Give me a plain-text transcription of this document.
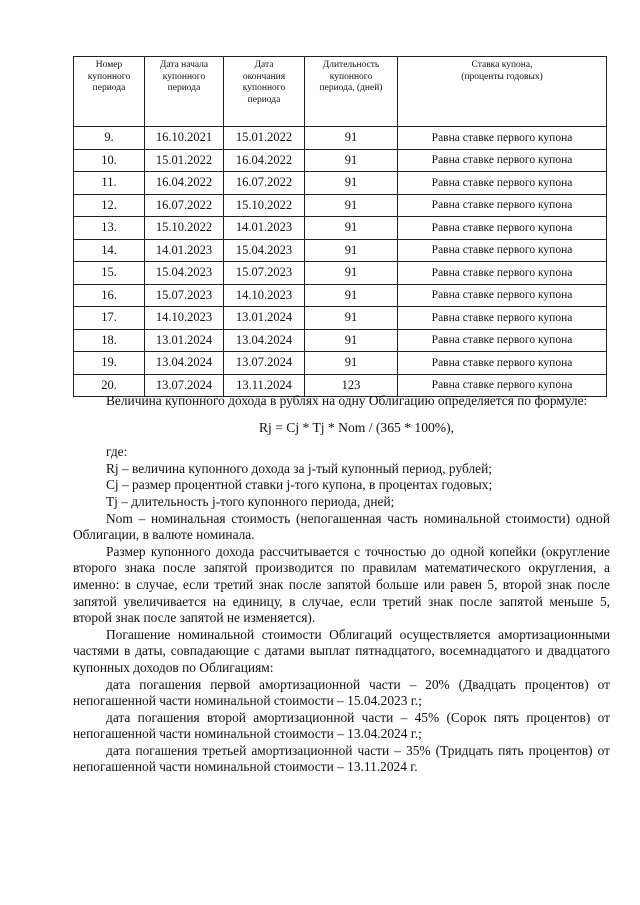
Номер
купонного
периода	Дата начала
купонного
периода	Дата
окончания
купонного
периода	Длительность
купонного
периода, (дней)	Ставка купона,
(проценты годовых)
9.	16.10.2021	15.01.2022	91	Равна ставке первого купона
10.	15.01.2022	16.04.2022	91	Равна ставке первого купона
11.	16.04.2022	16.07.2022	91	Равна ставке первого купона
12.	16.07.2022	15.10.2022	91	Равна ставке первого купона
13.	15.10.2022	14.01.2023	91	Равна ставке первого купона
14.	14.01.2023	15.04.2023	91	Равна ставке первого купона
15.	15.04.2023	15.07.2023	91	Равна ставке первого купона
16.	15.07.2023	14.10.2023	91	Равна ставке первого купона
17.	14.10.2023	13.01.2024	91	Равна ставке первого купона
18.	13.01.2024	13.04.2024	91	Равна ставке первого купона
19.	13.04.2024	13.07.2024	91	Равна ставке первого купона
20.	13.07.2024	13.11.2024	123	Равна ставке первого купона

Величина купонного дохода в рублях на одну Облигацию определяется по формуле:

Rj = Cj * Tj * Nom / (365 * 100%),

где:

Rj – величина купонного дохода за j-тый купонный период, рублей;

Cj – размер процентной ставки j-того купона, в процентах годовых;

Tj – длительность j-того купонного периода, дней;

Nom – номинальная стоимость (непогашенная часть номинальной стоимости) одной Облигации, в валюте номинала.

Размер купонного дохода рассчитывается с точностью до одной копейки (округление второго знака после запятой производится по правилам математического округления, а именно: в случае, если третий знак после запятой больше или равен 5, второй знак после запятой увеличивается на единицу, в случае, если третий знак после запятой меньше 5, второй знак после запятой не изменяется).

Погашение номинальной стоимости Облигаций осуществляется амортизационными частями в даты, совпадающие с датами выплат пятнадцатого, восемнадцатого и двадцатого купонных доходов по Облигациям:

дата погашения первой амортизационной части – 20% (Двадцать процентов) от непогашенной части номинальной стоимости – 15.04.2023 г.;

дата погашения второй амортизационной части – 45% (Сорок пять процентов) от непогашенной части номинальной стоимости – 13.04.2024 г.;

дата погашения третьей амортизационной части – 35% (Тридцать пять процентов) от непогашенной части номинальной стоимости – 13.11.2024 г.
